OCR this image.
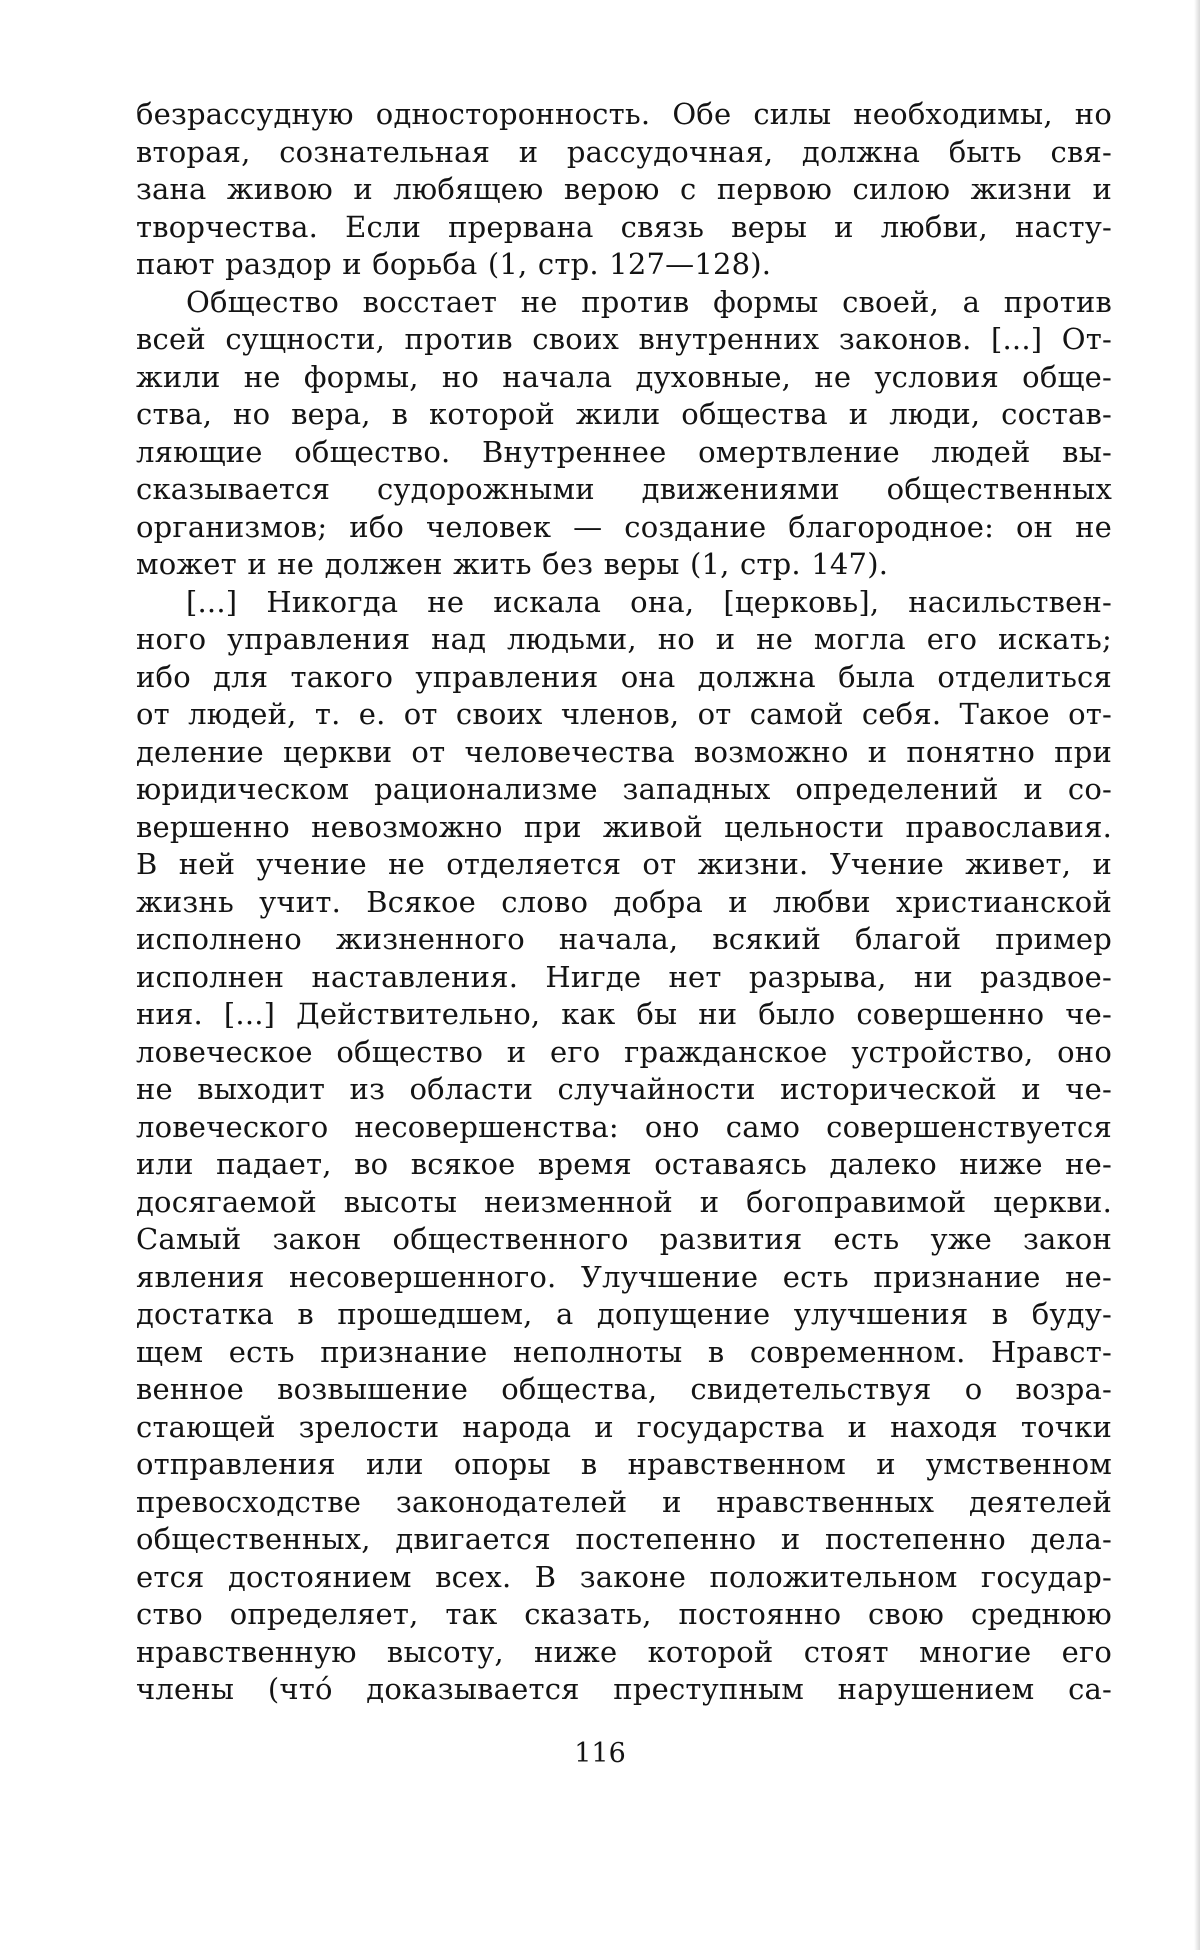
безрассудную односторонность. Обе силы необходимы, но
вторая, сознательная и рассудочная, должна быть свя-
зана живою и любящею верою с первою силою жизни и
творчества. Если прервана связь веры и любви, насту-
пают раздор и борьба (1, стр. 127—128).
Общество восстает не против формы своей, а против
всей сущности, против своих внутренних законов. [...] От-
жили не формы, но начала духовные, не условия обще-
ства, но вера, в которой жили общества и люди, состав-
ляющие общество. Внутреннее омертвление людей вы-
сказывается судорожными движениями общественных
организмов; ибо человек — создание благородное: он не
может и не должен жить без веры (1, стр. 147).
[...] Никогда не искала она, [церковь], насильствен-
ного управления над людьми, но и не могла его искать;
ибо для такого управления она должна была отделиться
от людей, т. е. от своих членов, от самой себя. Такое от-
деление церкви от человечества возможно и понятно при
юридическом рационализме западных определений и со-
вершенно невозможно при живой цельности православия.
В ней учение не отделяется от жизни. Учение живет, и
жизнь учит. Всякое слово добра и любви христианской
исполнено жизненного начала, всякий благой пример
исполнен наставления. Нигде нет разрыва, ни раздвое-
ния. [...] Действительно, как бы ни было совершенно че-
ловеческое общество и его гражданское устройство, оно
не выходит из области случайности исторической и че-
ловеческого несовершенства: оно само совершенствуется
или падает, во всякое время оставаясь далеко ниже не-
досягаемой высоты неизменной и богоправимой церкви.
Самый закон общественного развития есть уже закон
явления несовершенного. Улучшение есть признание не-
достатка в прошедшем, а допущение улучшения в буду-
щем есть признание неполноты в современном. Нравст-
венное возвышение общества, свидетельствуя о возра-
стающей зрелости народа и государства и находя точки
отправления или опоры в нравственном и умственном
превосходстве законодателей и нравственных деятелей
общественных, двигается постепенно и постепенно дела-
ется достоянием всех. В законе положительном государ-
ство определяет, так сказать, постоянно свою среднюю
нравственную высоту, ниже которой стоят многие его
члены (что́ доказывается преступным нарушением са-
116
